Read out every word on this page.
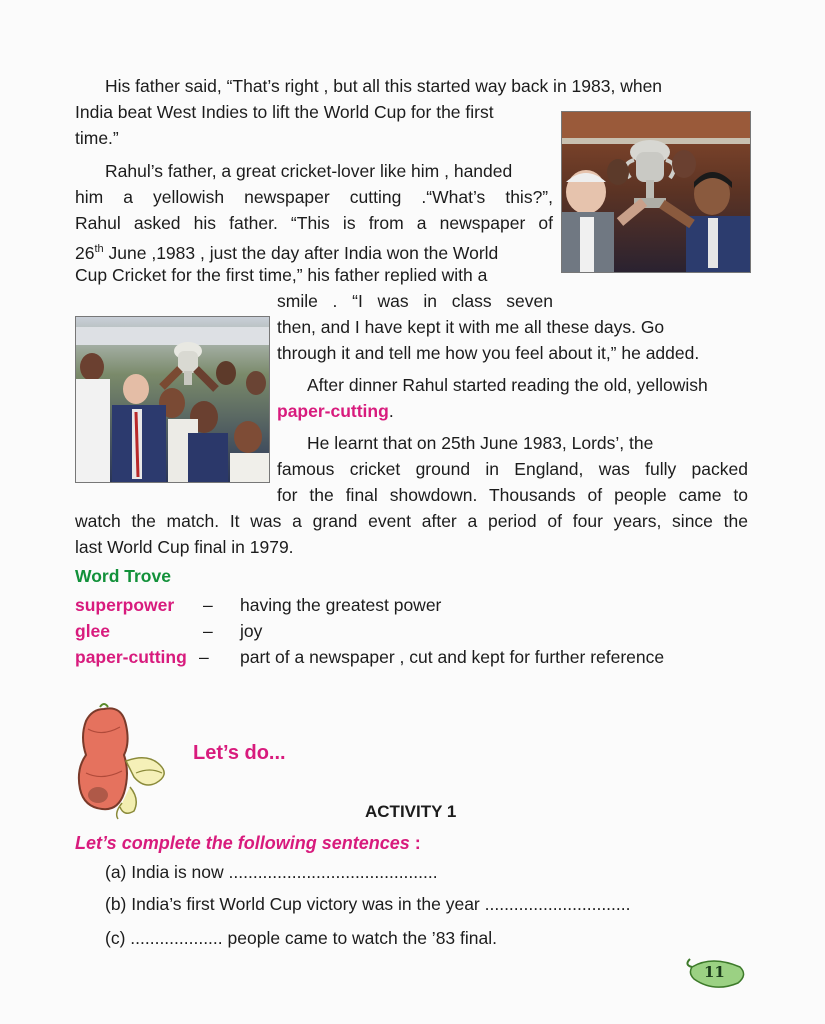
His father said, “That’s right , but all this started way back in 1983, when

India beat West Indies to lift the World Cup for the first

time.”

Rahul’s father, a great cricket-lover like him , handed

him a yellowish newspaper cutting .“What’s this?”,

Rahul asked his father. “This is from a newspaper of

26th June ,1983 , just the day after India won the World

Cup Cricket for the first time,” his father replied with a

smile . “I was in class seven

then, and I have kept it with me all these days. Go

through it and tell me how you feel about it,” he added.

After dinner Rahul started reading the old, yellowish

paper-cutting.

He learnt that on 25th June 1983, Lords’, the

famous cricket ground in England, was fully packed

for the final showdown. Thousands of people came to

watch the match. It was a grand event after a period of four years, since the

last World Cup final in 1979.

Word Trove
superpower – having the greatest power
glee	– joy
paper-cutting – part of a newspaper , cut and kept for further reference
Let’s do...
ACTIVITY 1
Let’s complete the following sentences :
(a) India is now ...........................................
(b) India’s first World Cup victory was in the year ..............................
(c) ................... people came to watch the ’83 final.
11
